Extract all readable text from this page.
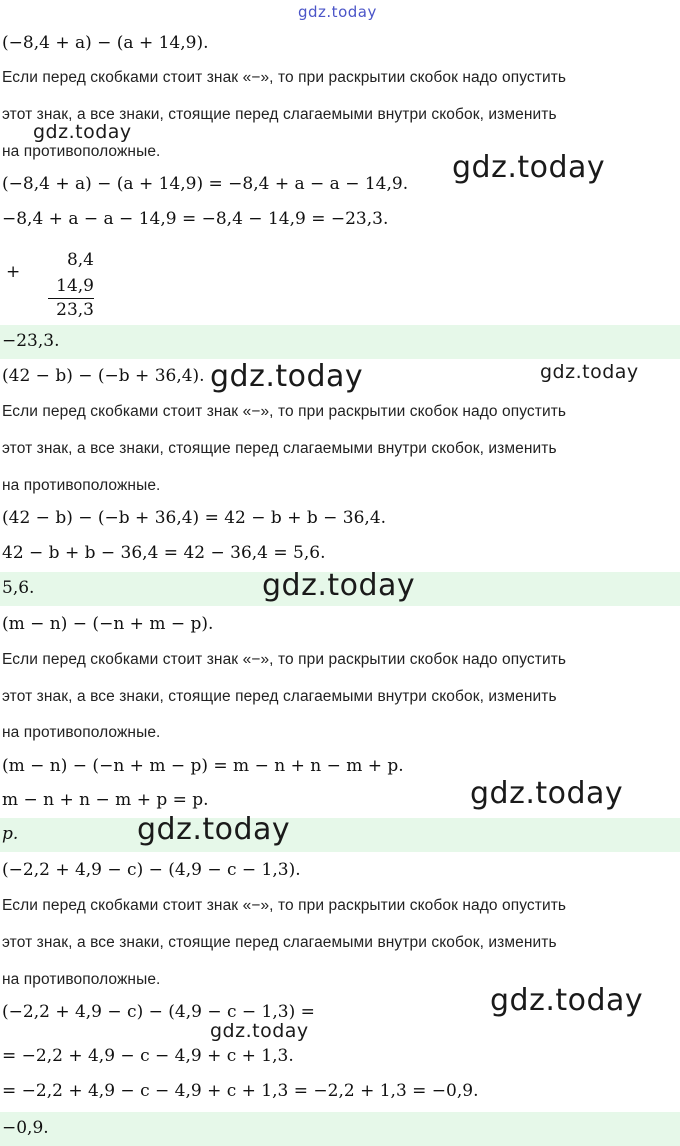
(−8,4 + a) − (a + 14,9).
Если перед скобками стоит знак «−», то при раскрытии скобок надо опустить
этот знак, а все знаки, стоящие перед слагаемыми внутри скобок, изменить
на противоположные.
(−8,4 + a) − (a + 14,9) = −8,4 + a − a − 14,9.
−8,4 + a − a − 14,9 = −8,4 − 14,9 = −23,3.
+
8,4
14,9
23,3
−23,3.
(42 − b) − (−b + 36,4).
Если перед скобками стоит знак «−», то при раскрытии скобок надо опустить
этот знак, а все знаки, стоящие перед слагаемыми внутри скобок, изменить
на противоположные.
(42 − b) − (−b + 36,4) = 42 − b + b − 36,4.
42 − b + b − 36,4 = 42 − 36,4 = 5,6.
5,6.
(m − n) − (−n + m − p).
Если перед скобками стоит знак «−», то при раскрытии скобок надо опустить
этот знак, а все знаки, стоящие перед слагаемыми внутри скобок, изменить
на противоположные.
(m − n) − (−n + m − p) = m − n + n − m + p.
m − n + n − m + p = p.
p.
(−2,2 + 4,9 − c) − (4,9 − c − 1,3).
Если перед скобками стоит знак «−», то при раскрытии скобок надо опустить
этот знак, а все знаки, стоящие перед слагаемыми внутри скобок, изменить
на противоположные.
(−2,2 + 4,9 − c) − (4,9 − c − 1,3) =
= −2,2 + 4,9 − c − 4,9 + c + 1,3.
= −2,2 + 4,9 − c − 4,9 + c + 1,3 = −2,2 + 1,3 = −0,9.
−0,9.
gdz.today
gdz.today
gdz.today
gdz.today	gdz.today
gdz.today
gdz.today
gdz.today
gdz.today
gdz.today
